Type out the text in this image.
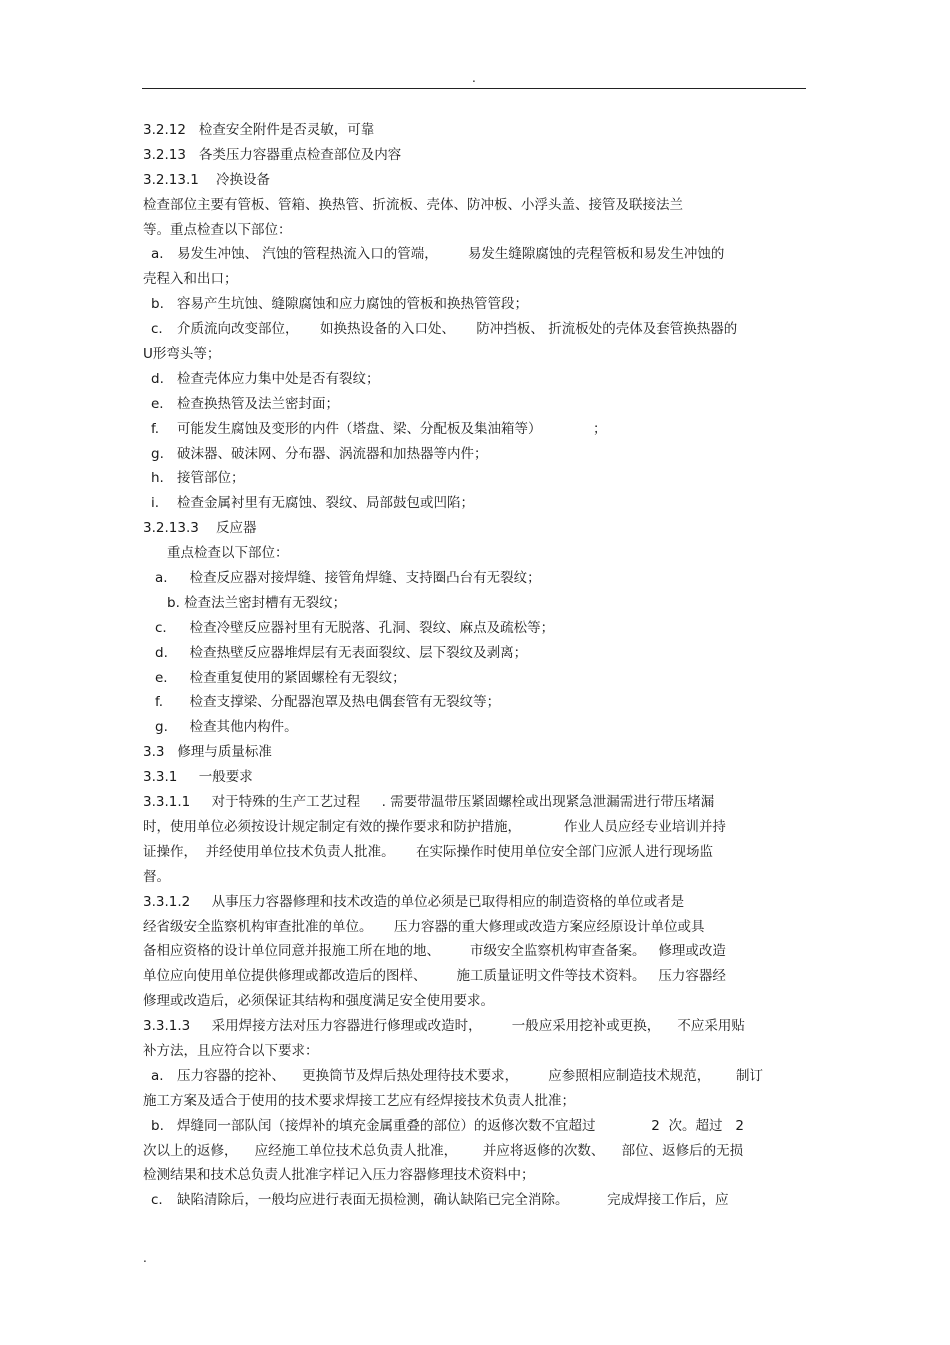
.
3.2.12   检查安全附件是否灵敏，可靠
3.2.13   各类压力容器重点检查部位及内容
3.2.13.1    冷换设备
检查部位主要有管板、管箱、换热管、折流板、壳体、防冲板、小浮头盖、接管及联接法兰
等。重点检查以下部位：
a. 易发生冲蚀、 汽蚀的管程热流入口的管端，       易发生缝隙腐蚀的壳程管板和易发生冲蚀的
壳程入和出口；
b. 容易产生坑蚀、缝隙腐蚀和应力腐蚀的管板和换热管管段；
c. 介质流向改变部位，     如换热设备的入口处、     防冲挡板、 折流板处的壳体及套管换热器的
U形弯头等；
d. 检查壳体应力集中处是否有裂纹；
e. 检查换热管及法兰密封面；
f. 可能发生腐蚀及变形的内件（塔盘、梁、分配板及集油箱等）            ；
g. 破沫器、破沫网、分布器、涡流器和加热器等内件；
h. 接管部位；
i. 检查金属衬里有无腐蚀、裂纹、局部鼓包或凹陷；
3.2.13.3    反应器
重点检查以下部位：
a.  检查反应器对接焊缝、接管角焊缝、支持圈凸台有无裂纹；
b. 检查法兰密封槽有无裂纹；
c.  检查冷壁反应器衬里有无脱落、孔洞、裂纹、麻点及疏松等；
d.  检查热壁反应器堆焊层有无表面裂纹、层下裂纹及剥离；
e.  检查重复使用的紧固螺栓有无裂纹；
f.  检查支撑梁、分配器泡罩及热电偶套管有无裂纹等；
g.  检查其他内构件。
3.3   修理与质量标准
3.3.1     一般要求
3.3.1.1     对于特殊的生产工艺过程     . 需要带温带压紧固螺栓或出现紧急泄漏需进行带压堵漏
时，使用单位必须按设计规定制定有效的操作要求和防护措施，          作业人员应经专业培训并持
证操作，  并经使用单位技术负责人批准。     在实际操作时使用单位安全部门应派人进行现场监
督。
3.3.1.2     从事压力容器修理和技术改造的单位必须是已取得相应的制造资格的单位或者是
经省级安全监察机构审查批准的单位。     压力容器的重大修理或改造方案应经原设计单位或具
备相应资格的设计单位同意并报施工所在地的地、       市级安全监察机构审查备案。   修理或改造
单位应向使用单位提供修理或都改造后的图样、       施工质量证明文件等技术资料。   压力容器经
修理或改造后，必须保证其结构和强度满足安全使用要求。
3.3.1.3     采用焊接方法对压力容器进行修理或改造时，       一般应采用挖补或更换，    不应采用贴
补方法，且应符合以下要求：
a. 压力容器的挖补、    更换筒节及焊后热处理待技术要求，       应参照相应制造技术规范，      制订
施工方案及适合于使用的技术要求焊接工艺应有经焊接技术负责人批准；
b. 焊缝同一部队闰（接焊补的填充金属重叠的部位）的返修次数不宜超过             2  次。超过   2
次以上的返修，    应经施工单位技术总负责人批准，      并应将返修的次数、    部位、返修后的无损
检测结果和技术总负责人批准字样记入压力容器修理技术资料中；
c. 缺陷清除后，一般均应进行表面无损检测，确认缺陷已完全消除。         完成焊接工作后，应
.
